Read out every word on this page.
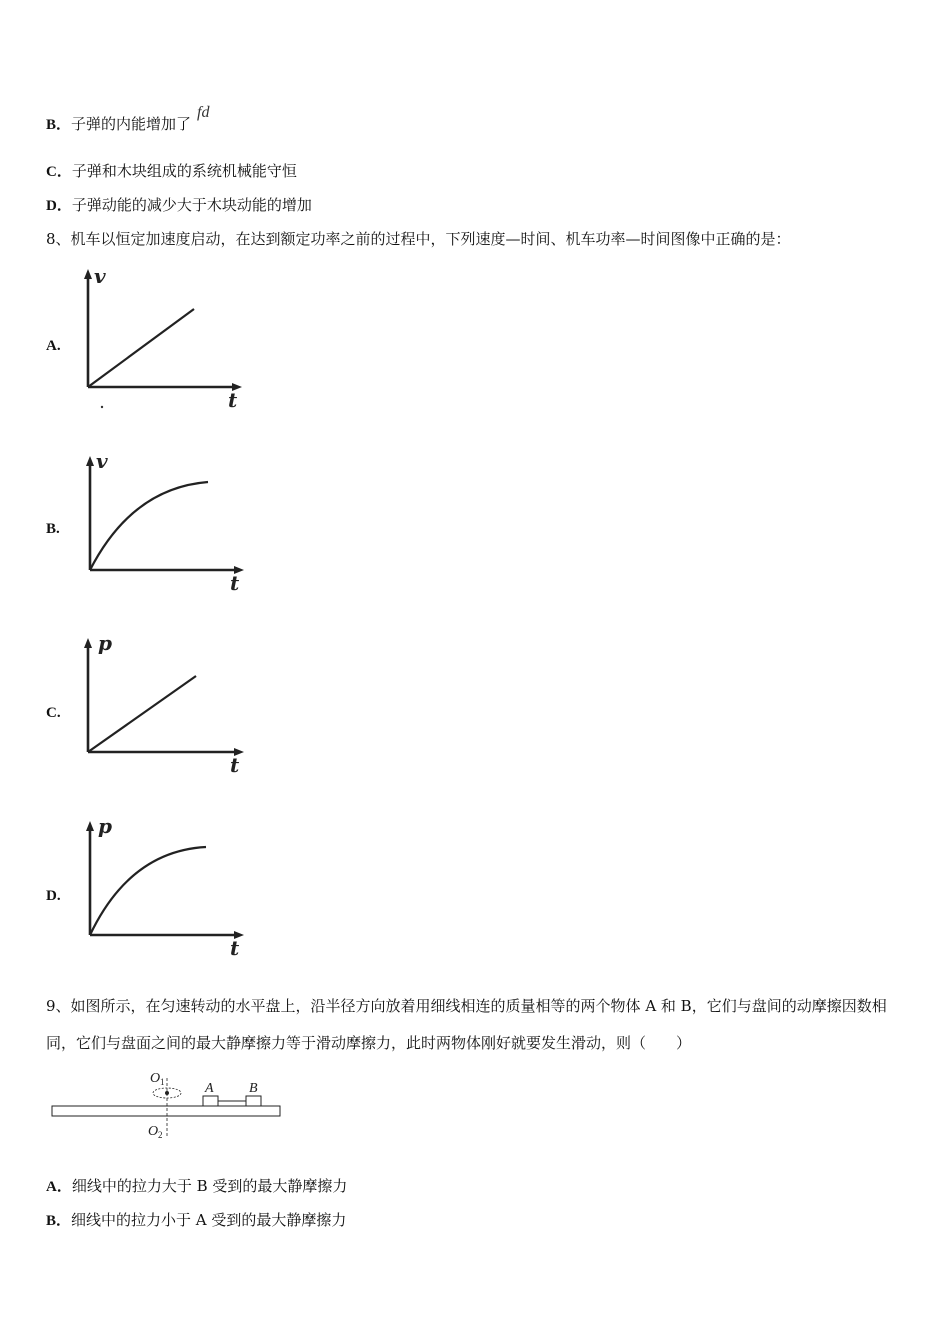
B．子弹的内能增加了fd
C．子弹和木块组成的系统机械能守恒
D．子弹动能的减少大于木块动能的增加
8、机车以恒定加速度启动，在达到额定功率之前的过程中，下列速度—时间、机车功率—时间图像中正确的是：
A.
v
t
B.
v
t
C.
p
t
D.
p
t
9、如图所示，在匀速转动的水平盘上，沿半径方向放着用细线相连的质量相等的两个物体 A 和 B，它们与盘间的动摩擦因数相同，它们与盘面之间的最大静摩擦力等于滑动摩擦力，此时两物体刚好就要发生滑动，则（　　）
O 1
O 2
A	B
A．细线中的拉力大于 B 受到的最大静摩擦力
B．细线中的拉力小于 A 受到的最大静摩擦力
